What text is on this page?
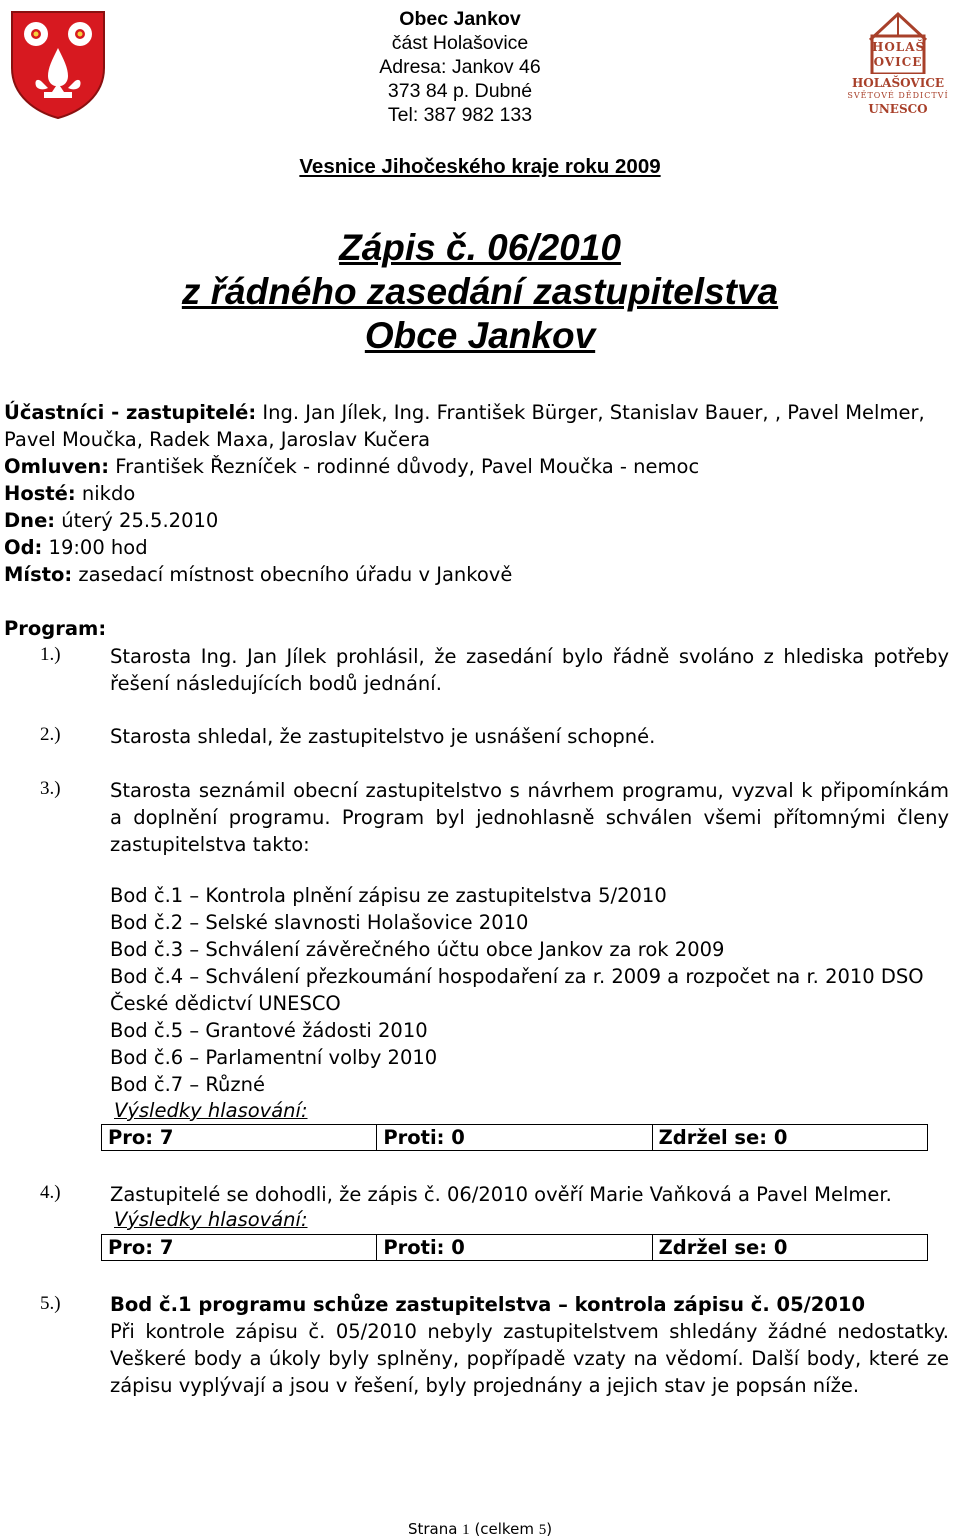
HOLAŠ
OVICE
HOLAŠOVICE
SVĚTOVÉ DĚDICTVÍ
UNESCO
Obec Jankov
část Holašovice
Adresa: Jankov 46
373 84 p. Dubné
Tel: 387 982 133
Vesnice Jihočeského kraje roku 2009
Zápis č. 06/2010
z řádného zasedání zastupitelstva
Obce Jankov
Účastníci - zastupitelé: Ing. Jan Jílek, Ing. František Bürger, Stanislav Bauer, , Pavel Melmer,
Pavel Moučka, Radek Maxa, Jaroslav Kučera
Omluven: František Řezníček - rodinné důvody, Pavel Moučka - nemoc
Hosté: nikdo
Dne: úterý 25.5.2010
Od: 19:00 hod
Místo: zasedací místnost obecního úřadu v Jankově
Program:
1.)	Starosta Ing. Jan Jílek prohlásil, že zasedání bylo řádně svoláno z hlediska potřeby řešení následujících bodů jednání.
2.)	Starosta shledal, že zastupitelstvo je usnášení schopné.
3.)	Starosta seznámil obecní zastupitelstvo s návrhem programu, vyzval k připomínkám a doplnění programu. Program byl jednohlasně schválen všemi přítomnými členy zastupitelstva takto:
Bod č.1 – Kontrola plnění zápisu ze zastupitelstva 5/2010
Bod č.2 – Selské slavnosti Holašovice 2010
Bod č.3 – Schválení závěrečného účtu obce Jankov za rok 2009
Bod č.4 – Schválení přezkoumání hospodaření za r. 2009 a rozpočet na r. 2010 DSO
České dědictví UNESCO
Bod č.5 – Grantové žádosti 2010
Bod č.6 – Parlamentní volby 2010
Bod č.7 – Různé
Výsledky hlasování:
Pro: 7	Proti: 0	Zdržel se: 0
4.)	Zastupitelé se dohodli, že zápis č. 06/2010 ověří Marie Vaňková a Pavel Melmer.
Výsledky hlasování:
Pro: 7	Proti: 0	Zdržel se: 0
5.)	Bod č.1 programu schůze zastupitelstva – kontrola zápisu č. 05/2010
Při kontrole zápisu č. 05/2010 nebyly zastupitelstvem shledány žádné nedostatky. Veškeré body a úkoly byly splněny, popřípadě vzaty na vědomí. Další body, které ze zápisu vyplývají a jsou v řešení, byly projednány a jejich stav je popsán níže.
Strana 1 (celkem 5)
